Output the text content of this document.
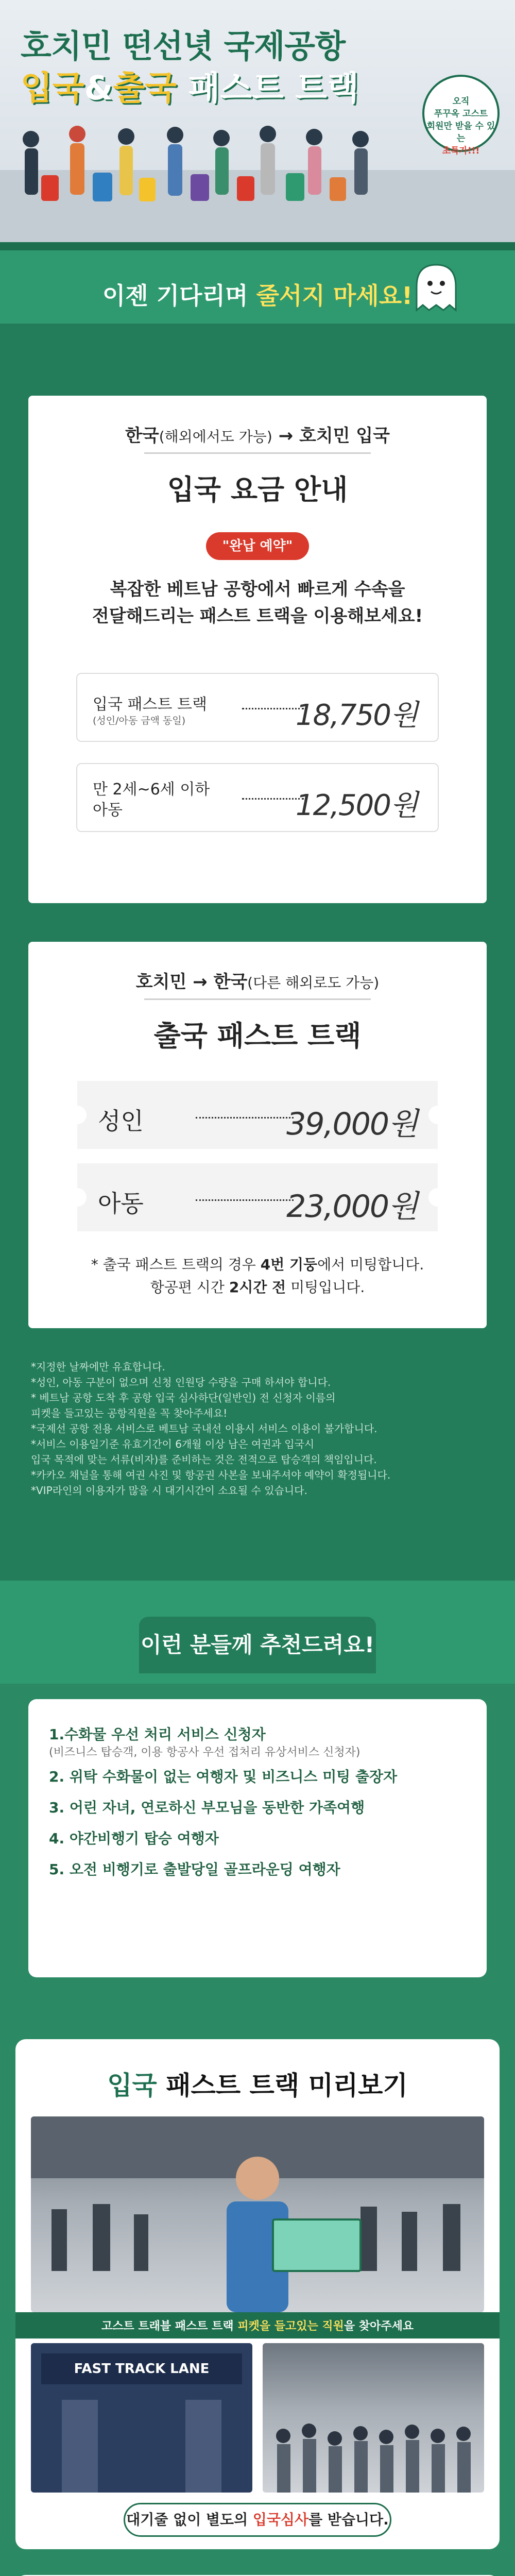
호치민 떤선녓 국제공항
입국&출국 패스트 트랙	오직
푸꾸옥 고스트
회원만 받을 수 있는
초특가!!!
이젠 기다리며 줄서지 마세요!
한국(해외에서도 가능) → 호치민 입국
입국 요금 안내
"완납 예약"
복잡한 베트남 공항에서 빠르게 수속을
전달해드리는 패스트 트랙을 이용해보세요!
입국 패스트 트랙
(성인/아동 금액 동일)	18,750원
만 2세~6세 이하 아동	12,500원
호치민 → 한국(다른 해외로도 가능)
출국 패스트 트랙
성인	39,000원
아동	23,000원
* 출국 패스트 트랙의 경우 4번 기둥에서 미팅합니다.
항공편 시간 2시간 전 미팅입니다.
*지정한 날짜에만 유효합니다.
*성인, 아동 구분이 없으며 신청 인원당 수량을 구매 하셔야 합니다.
* 베트남 공항 도착 후 공항 입국 심사하단(일반인) 전 신청자 이름의
피켓을 들고있는 공항직원을 꼭 찾아주세요!
*국제선 공항 전용 서비스로 베트남 국내선 이용시 서비스 이용이 불가합니다.
*서비스 이용일기준 유효기간이 6개월 이상 남은 여권과 입국시
입국 목적에 맞는 서류(비자)를 준비하는 것은 전적으로 탑승객의 책임입니다.
*카카오 채널을 통해 여권 사진 및 항공권 사본을 보내주셔야 예약이 확정됩니다.
*VIP라인의 이용자가 많을 시 대기시간이 소요될 수 있습니다.
이런 분들께 추천드려요!
1.수화물 우선 처리 서비스 신청자
(비즈니스 탑승객, 이용 항공사 우선 접처리 유상서비스 신청자)
2. 위탁 수화물이 없는 여행자 및 비즈니스 미팅 출장자
3. 어린 자녀, 연로하신 부모님을 동반한 가족여행
4. 야간비행기 탑승 여행자
5. 오전 비행기로 출발당일 골프라운딩 여행자
입국 패스트 트랙 미리보기
고스트 트래블 패스트 트랙 피켓을 들고있는 직원을 찾아주세요
FAST TRACK LANE
대기줄 없이 별도의 입국심사를 받습니다.
